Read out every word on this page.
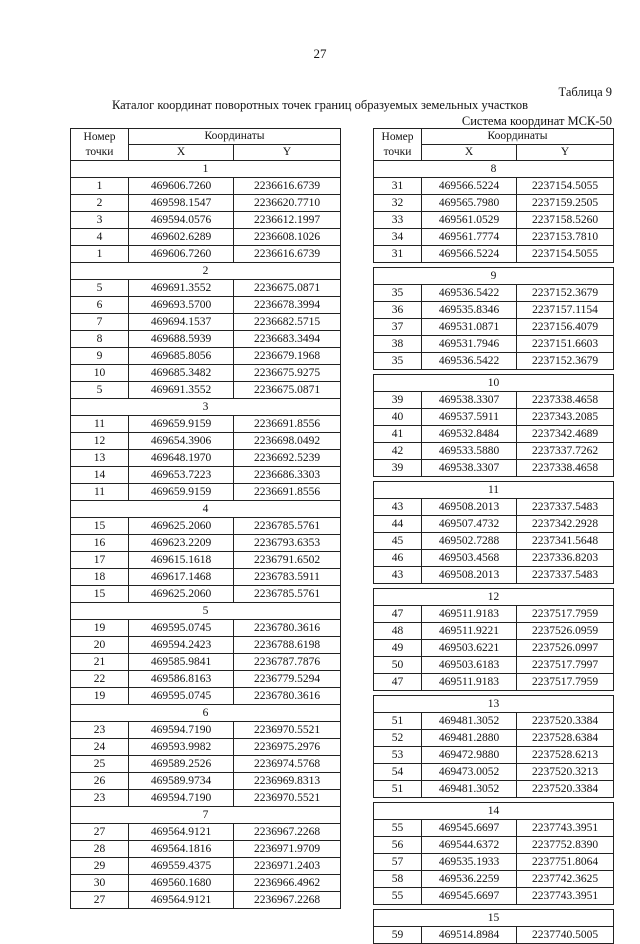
27
Таблица 9
Каталог координат поворотных точек границ образуемых земельных участков
Система координат МСК-50
Номер точки	Координаты	
	X	Y
1		
1	469606.7260	2236616.6739
2	469598.1547	2236620.7710
3	469594.0576	2236612.1997
4	469602.6289	2236608.1026
1	469606.7260	2236616.6739
2		
5	469691.3552	2236675.0871
6	469693.5700	2236678.3994
7	469694.1537	2236682.5715
8	469688.5939	2236683.3494
9	469685.8056	2236679.1968
10	469685.3482	2236675.9275
5	469691.3552	2236675.0871
3		
11	469659.9159	2236691.8556
12	469654.3906	2236698.0492
13	469648.1970	2236692.5239
14	469653.7223	2236686.3303
11	469659.9159	2236691.8556
4		
15	469625.2060	2236785.5761
16	469623.2209	2236793.6353
17	469615.1618	2236791.6502
18	469617.1468	2236783.5911
15	469625.2060	2236785.5761
5		
19	469595.0745	2236780.3616
20	469594.2423	2236788.6198
21	469585.9841	2236787.7876
22	469586.8163	2236779.5294
19	469595.0745	2236780.3616
6		
23	469594.7190	2236970.5521
24	469593.9982	2236975.2976
25	469589.2526	2236974.5768
26	469589.9734	2236969.8313
23	469594.7190	2236970.5521
7		
27	469564.9121	2236967.2268
28	469564.1816	2236971.9709
29	469559.4375	2236971.2403
30	469560.1680	2236966.4962
27	469564.9121	2236967.2268
Номер точки	Координаты	
	X	Y
8		
31	469566.5224	2237154.5055
32	469565.7980	2237159.2505
33	469561.0529	2237158.5260
34	469561.7774	2237153.7810
31	469566.5224	2237154.5055

9		
35	469536.5422	2237152.3679
36	469535.8346	2237157.1154
37	469531.0871	2237156.4079
38	469531.7946	2237151.6603
35	469536.5422	2237152.3679

10		
39	469538.3307	2237338.4658
40	469537.5911	2237343.2085
41	469532.8484	2237342.4689
42	469533.5880	2237337.7262
39	469538.3307	2237338.4658

11		
43	469508.2013	2237337.5483
44	469507.4732	2237342.2928
45	469502.7288	2237341.5648
46	469503.4568	2237336.8203
43	469508.2013	2237337.5483

12		
47	469511.9183	2237517.7959
48	469511.9221	2237526.0959
49	469503.6221	2237526.0997
50	469503.6183	2237517.7997
47	469511.9183	2237517.7959

13		
51	469481.3052	2237520.3384
52	469481.2880	2237528.6384
53	469472.9880	2237528.6213
54	469473.0052	2237520.3213
51	469481.3052	2237520.3384

14		
55	469545.6697	2237743.3951
56	469544.6372	2237752.8390
57	469535.1933	2237751.8064
58	469536.2259	2237742.3625
55	469545.6697	2237743.3951

15		
59	469514.8984	2237740.5005
